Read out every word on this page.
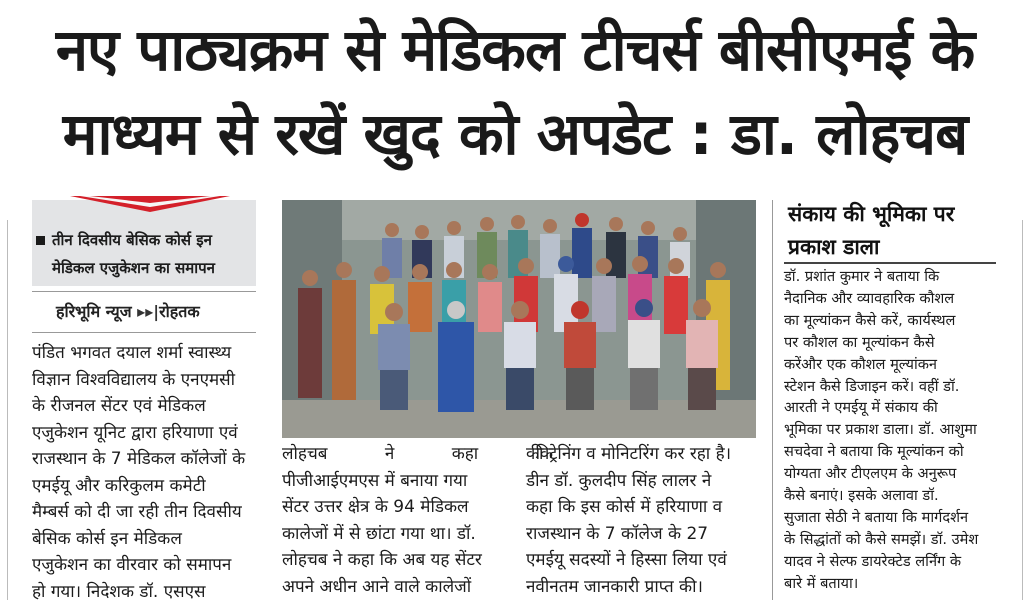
नए पाठ्यक्रम से मेडिकल टीचर्स बीसीएमई के
माध्यम से रखें खुद को अपडेट : डा. लोहचब
तीन दिवसीय बेसिक कोर्स इन
मेडिकल एजुकेशन का समापन
हरिभूमि न्यूज ▸▸|रोहतक
पंडित भगवत दयाल शर्मा स्वास्थ्य
विज्ञान विश्वविद्यालय के एनएमसी
के रीजनल सेंटर एवं मेडिकल
एजुकेशन यूनिट द्वारा हरियाणा एवं
राजस्थान के 7 मेडिकल कॉलेजों के
एमईयू और करिकुलम कमेटी
मैम्बर्स को दी जा रही तीन दिवसीय
बेसिक कोर्स इन मेडिकल
एजुकेशन का वीरवार को समापन
हो गया। निदेशक डॉ. एसएस
लोहचब ने कहा कि
पीजीआईएमएस में बनाया गया
सेंटर उत्तर क्षेत्र के 94 मेडिकल
कालेजों में से छांटा गया था। डॉ.
लोहचब ने कहा कि अब यह सेंटर
अपने अधीन आने वाले कालेजों
की ट्रेनिंग व मोनिटरिंग कर रहा है।
डीन डॉ. कुलदीप सिंह लालर ने
कहा कि इस कोर्स में हरियाणा व
राजस्थान के 7 कॉलेज के 27
एमईयू सदस्यों ने हिस्सा लिया एवं
नवीनतम जानकारी प्राप्त की।
संकाय की भूमिका पर
प्रकाश डाला
डॉ. प्रशांत कुमार ने बताया कि
नैदानिक और व्यावहारिक कौशल
का मूल्यांकन कैसे करें, कार्यस्थल
पर कौशल का मूल्यांकन कैसे
करेंऔर एक कौशल मूल्यांकन
स्टेशन कैसे डिजाइन करें। वहीं डॉ.
आरती ने एमईयू में संकाय की
भूमिका पर प्रकाश डाला। डॉ. आशुमा
सचदेवा ने बताया कि मूल्यांकन को
योग्यता और टीएलएम के अनुरूप
कैसे बनाएं। इसके अलावा डॉ.
सुजाता सेठी ने बताया कि मार्गदर्शन
के सिद्धांतों को कैसे समझें। डॉ. उमेश
यादव ने सेल्फ डायरेक्टेड लर्निंग के
बारे में बताया।
